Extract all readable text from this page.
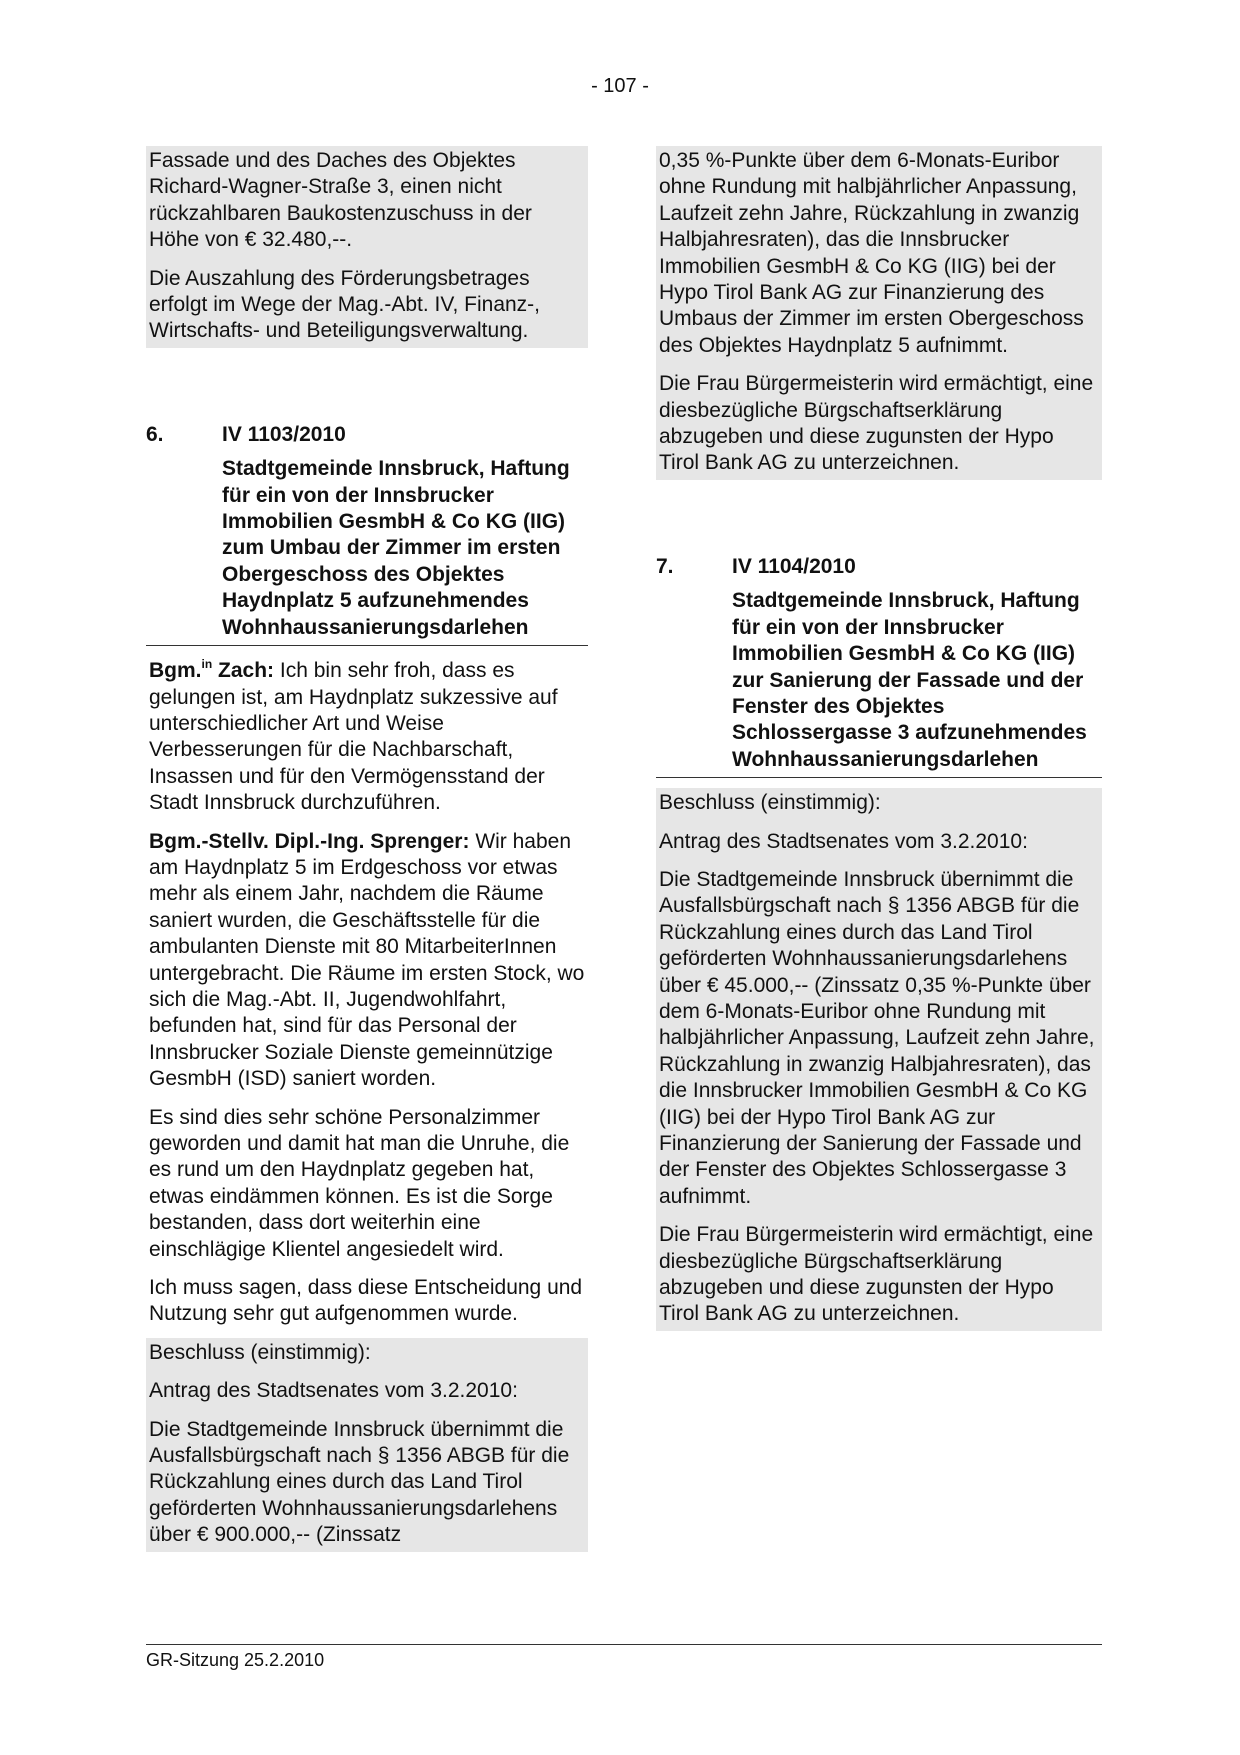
- 107 -

Fassade und des Daches des Objektes Richard-Wagner-Straße 3, einen nicht rückzahlbaren Baukostenzuschuss in der Höhe von € 32.480,--.

Die Auszahlung des Förderungsbetrages erfolgt im Wege der Mag.-Abt. IV, Finanz-, Wirtschafts- und Beteiligungsverwaltung.

6.	IV 1103/2010
Stadtgemeinde Innsbruck, Haftung für ein von der Innsbrucker Immobilien GesmbH & Co KG (IIG) zum Umbau der Zimmer im ersten Obergeschoss des Objektes Haydnplatz 5 aufzunehmendes Wohnhaussanierungsdarlehen

Bgm.$^{in}$ Zach: Ich bin sehr froh, dass es gelungen ist, am Haydnplatz sukzessive auf unterschiedlicher Art und Weise Verbesserungen für die Nachbarschaft, Insassen und für den Vermögensstand der Stadt Innsbruck durchzuführen.

Bgm.-Stellv. Dipl.-Ing. Sprenger: Wir haben am Haydnplatz 5 im Erdgeschoss vor etwas mehr als einem Jahr, nachdem die Räume saniert wurden, die Geschäftsstelle für die ambulanten Dienste mit 80 MitarbeiterInnen untergebracht. Die Räume im ersten Stock, wo sich die Mag.-Abt. II, Jugendwohlfahrt, befunden hat, sind für das Personal der Innsbrucker Soziale Dienste gemeinnützige GesmbH (ISD) saniert worden.

Es sind dies sehr schöne Personalzimmer geworden und damit hat man die Unruhe, die es rund um den Haydnplatz gegeben hat, etwas eindämmen können. Es ist die Sorge bestanden, dass dort weiterhin eine einschlägige Klientel angesiedelt wird.

Ich muss sagen, dass diese Entscheidung und Nutzung sehr gut aufgenommen wurde.

Beschluss (einstimmig):

Antrag des Stadtsenates vom 3.2.2010:

Die Stadtgemeinde Innsbruck übernimmt die Ausfallsbürgschaft nach § 1356 ABGB für die Rückzahlung eines durch das Land Tirol geförderten Wohnhaussanierungsdarlehens über € 900.000,-- (Zinssatz

0,35 %-Punkte über dem 6-Monats-Euribor ohne Rundung mit halbjährlicher Anpassung, Laufzeit zehn Jahre, Rückzahlung in zwanzig Halbjahresraten), das die Innsbrucker Immobilien GesmbH & Co KG (IIG) bei der Hypo Tirol Bank AG zur Finanzierung des Umbaus der Zimmer im ersten Obergeschoss des Objektes Haydnplatz 5 aufnimmt.

Die Frau Bürgermeisterin wird ermächtigt, eine diesbezügliche Bürgschaftserklärung abzugeben und diese zugunsten der Hypo Tirol Bank AG zu unterzeichnen.

7.	IV 1104/2010
Stadtgemeinde Innsbruck, Haftung für ein von der Innsbrucker Immobilien GesmbH & Co KG (IIG) zur Sanierung der Fassade und der Fenster des Objektes Schlossergasse 3 aufzunehmendes Wohnhaussanierungsdarlehen

Beschluss (einstimmig):

Antrag des Stadtsenates vom 3.2.2010:

Die Stadtgemeinde Innsbruck übernimmt die Ausfallsbürgschaft nach § 1356 ABGB für die Rückzahlung eines durch das Land Tirol geförderten Wohnhaussanierungsdarlehens über € 45.000,-- (Zinssatz 0,35 %-Punkte über dem 6-Monats-Euribor ohne Rundung mit halbjährlicher Anpassung, Laufzeit zehn Jahre, Rückzahlung in zwanzig Halbjahresraten), das die Innsbrucker Immobilien GesmbH & Co KG (IIG) bei der Hypo Tirol Bank AG zur Finanzierung der Sanierung der Fassade und der Fenster des Objektes Schlossergasse 3 aufnimmt.

Die Frau Bürgermeisterin wird ermächtigt, eine diesbezügliche Bürgschaftserklärung abzugeben und diese zugunsten der Hypo Tirol Bank AG zu unterzeichnen.

GR-Sitzung 25.2.2010
